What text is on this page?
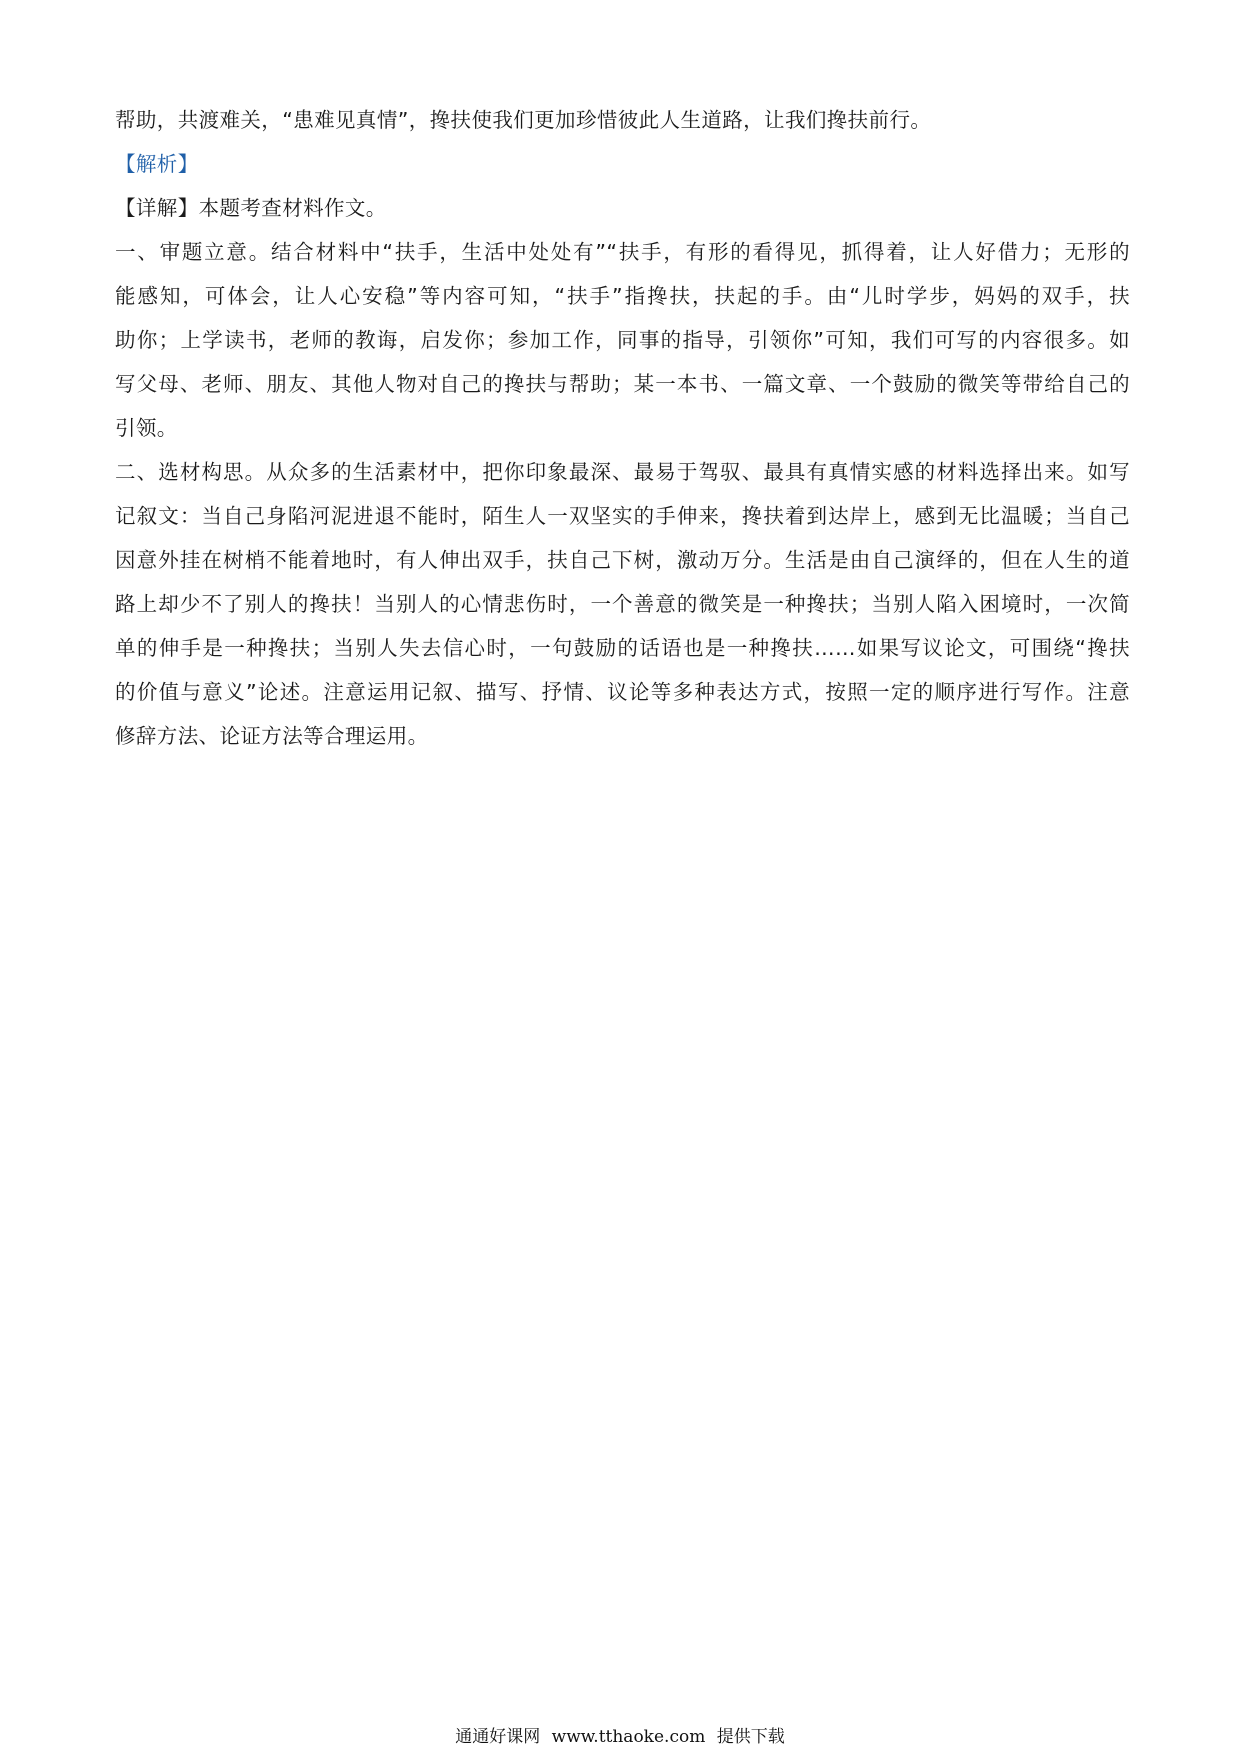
帮助，共渡难关，“患难见真情”，搀扶使我们更加珍惜彼此人生道路，让我们搀扶前行。
【解析】
【详解】本题考查材料作文。
一、审题立意。结合材料中“扶手，生活中处处有”“扶手，有形的看得见，抓得着，让人好借力；无形的
能感知，可体会，让人心安稳”等内容可知，“扶手”指搀扶，扶起的手。由“儿时学步，妈妈的双手，扶
助你；上学读书，老师的教诲，启发你；参加工作，同事的指导，引领你”可知，我们可写的内容很多。如
写父母、老师、朋友、其他人物对自己的搀扶与帮助；某一本书、一篇文章、一个鼓励的微笑等带给自己的
引领。
二、选材构思。从众多的生活素材中，把你印象最深、最易于驾驭、最具有真情实感的材料选择出来。如写
记叙文：当自己身陷河泥进退不能时，陌生人一双坚实的手伸来，搀扶着到达岸上，感到无比温暖；当自己
因意外挂在树梢不能着地时，有人伸出双手，扶自己下树，激动万分。生活是由自己演绎的，但在人生的道
路上却少不了别人的搀扶！当别人的心情悲伤时，一个善意的微笑是一种搀扶；当别人陷入困境时，一次简
单的伸手是一种搀扶；当别人失去信心时，一句鼓励的话语也是一种搀扶……如果写议论文，可围绕“搀扶
的价值与意义”论述。注意运用记叙、描写、抒情、议论等多种表达方式，按照一定的顺序进行写作。注意
修辞方法、论证方法等合理运用。
通通好课网 www.tthaoke.com 提供下载
